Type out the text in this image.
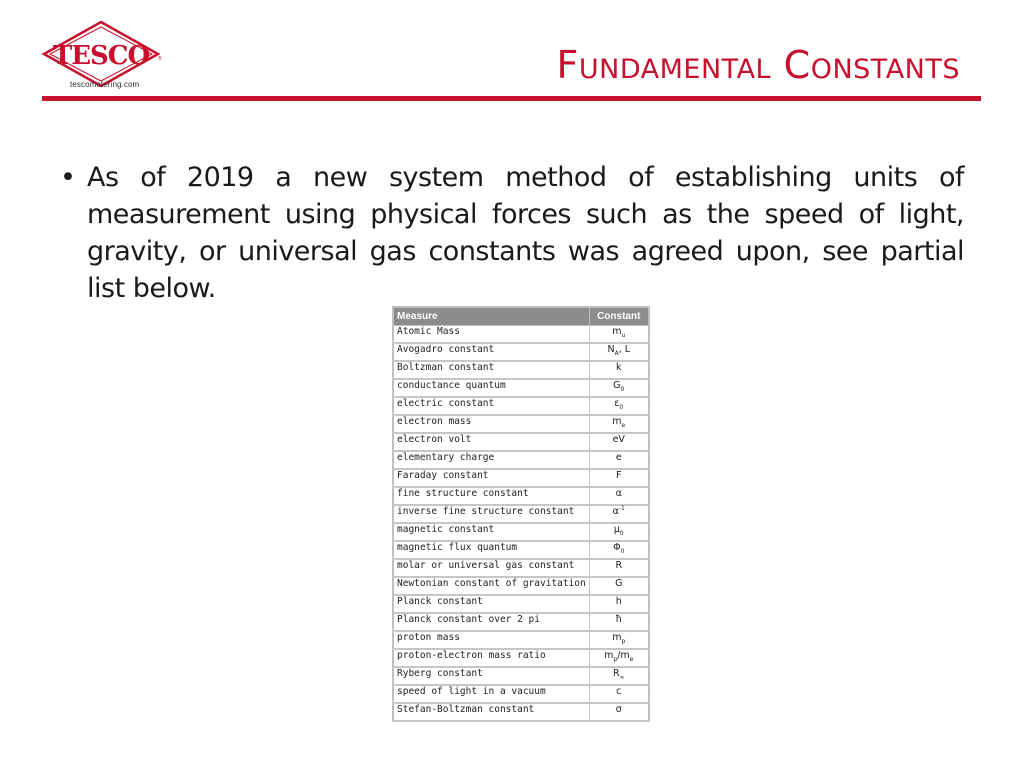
TESCO ®
tescometering.com	Fundamental Constants
• As of 2019 a new system method of establishing units of measurement using physical forces such as the speed of light, gravity, or universal gas constants was agreed upon, see partial list below.
Measure	Constant
Atomic Mass	$m_u$
Avogadro constant	$N_A$, L
Boltzman constant	k
conductance quantum	$G_0$
electric constant	$\varepsilon_0$
electron mass	$m_e$
electron volt	eV
elementary charge	e
Faraday constant	F
fine structure constant	α
inverse fine structure constant	$\alpha^{-1}$
magnetic constant	$\mu_0$
magnetic flux quantum	$\Phi_0$
molar or universal gas constant	R
Newtonian constant of gravitation	G
Planck constant	h
Planck constant over 2 pi	ħ
proton mass	$m_p$
proton-electron mass ratio	$m_p/m_e$
Ryberg constant	$R_\infty$
speed of light in a vacuum	c
Stefan-Boltzman constant	σ
